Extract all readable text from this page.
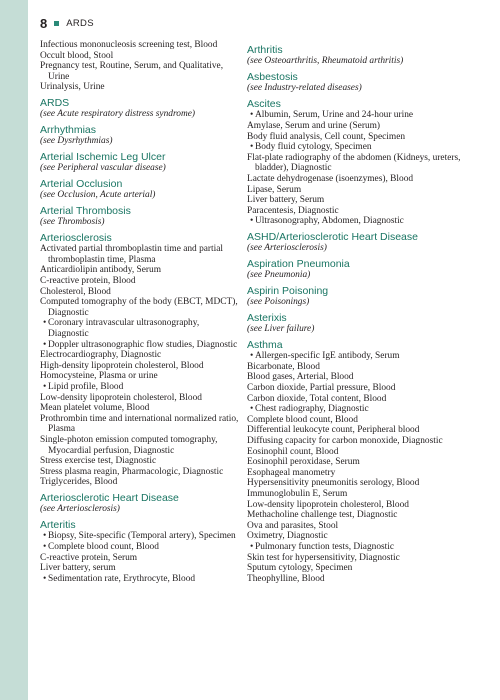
8 ARDS
Infectious mononucleosis screening test, Blood
Occult blood, Stool
Pregnancy test, Routine, Serum, and Qualitative, Urine
Urinalysis, Urine
ARDS
(see Acute respiratory distress syndrome)
Arrhythmias
(see Dysrhythmias)
Arterial Ischemic Leg Ulcer
(see Peripheral vascular disease)
Arterial Occlusion
(see Occlusion, Acute arterial)
Arterial Thrombosis
(see Thrombosis)
Arteriosclerosis
Activated partial thromboplastin time and partial thromboplastin time, Plasma
Anticardiolipin antibody, Serum
C-reactive protein, Blood
Cholesterol, Blood
Computed tomography of the body (EBCT, MDCT), Diagnostic
• Coronary intravascular ultrasonography, Diagnostic
• Doppler ultrasonographic flow studies, Diagnostic
Electrocardiography, Diagnostic
High-density lipoprotein cholesterol, Blood
Homocysteine, Plasma or urine
• Lipid profile, Blood
Low-density lipoprotein cholesterol, Blood
Mean platelet volume, Blood
Prothrombin time and international normalized ratio, Plasma
Single-photon emission computed tomography, Myocardial perfusion, Diagnostic
Stress exercise test, Diagnostic
Stress plasma reagin, Pharmacologic, Diagnostic
Triglycerides, Blood
Arteriosclerotic Heart Disease
(see Arteriosclerosis)
Arteritis
• Biopsy, Site-specific (Temporal artery), Specimen
• Complete blood count, Blood
C-reactive protein, Serum
Liver battery, serum
• Sedimentation rate, Erythrocyte, Blood
Arthritis
(see Osteoarthritis, Rheumatoid arthritis)
Asbestosis
(see Industry-related diseases)
Ascites
• Albumin, Serum, Urine and 24-hour urine
Amylase, Serum and urine (Serum)
Body fluid analysis, Cell count, Specimen
• Body fluid cytology, Specimen
Flat-plate radiography of the abdomen (Kidneys, ureters, bladder), Diagnostic
Lactate dehydrogenase (isoenzymes), Blood
Lipase, Serum
Liver battery, Serum
Paracentesis, Diagnostic
• Ultrasonography, Abdomen, Diagnostic
ASHD/Arteriosclerotic Heart Disease
(see Arteriosclerosis)
Aspiration Pneumonia
(see Pneumonia)
Aspirin Poisoning
(see Poisonings)
Asterixis
(see Liver failure)
Asthma
• Allergen-specific IgE antibody, Serum
Bicarbonate, Blood
Blood gases, Arterial, Blood
Carbon dioxide, Partial pressure, Blood
Carbon dioxide, Total content, Blood
• Chest radiography, Diagnostic
Complete blood count, Blood
Differential leukocyte count, Peripheral blood
Diffusing capacity for carbon monoxide, Diagnostic
Eosinophil count, Blood
Eosinophil peroxidase, Serum
Esophageal manometry
Hypersensitivity pneumonitis serology, Blood
Immunoglobulin E, Serum
Low-density lipoprotein cholesterol, Blood
Methacholine challenge test, Diagnostic
Ova and parasites, Stool
Oximetry, Diagnostic
• Pulmonary function tests, Diagnostic
Skin test for hypersensitivity, Diagnostic
Sputum cytology, Specimen
Theophylline, Blood
